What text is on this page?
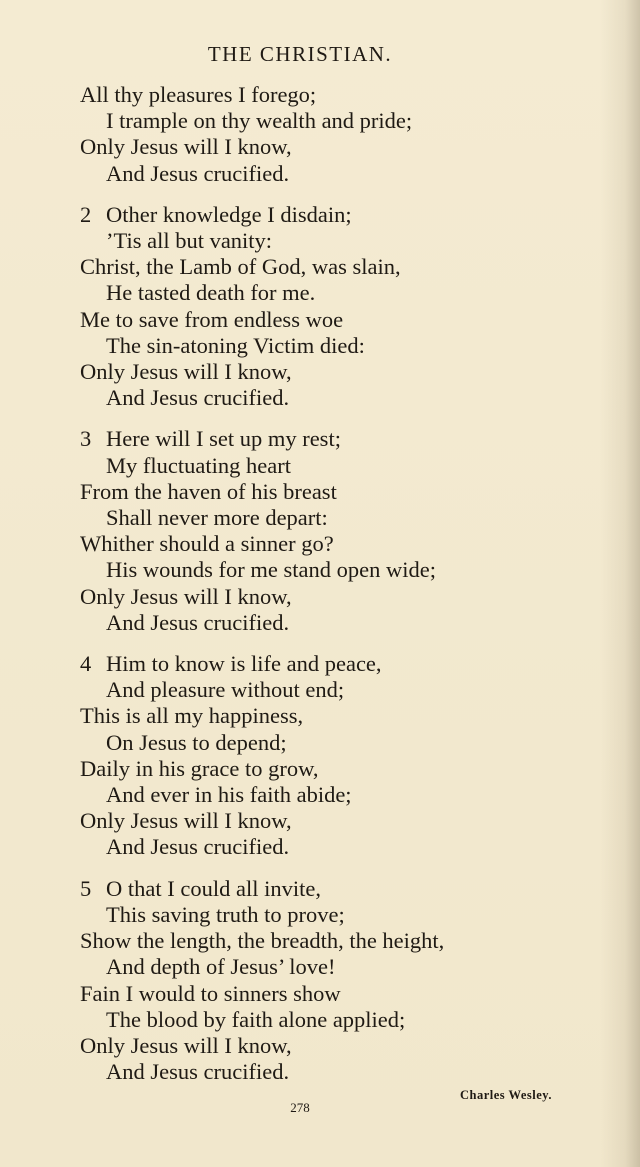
THE CHRISTIAN.
All thy pleasures I forego;
I trample on thy wealth and pride;
Only Jesus will I know,
And Jesus crucified.
2 Other knowledge I disdain;
’Tis all but vanity:
Christ, the Lamb of God, was slain,
He tasted death for me.
Me to save from endless woe
The sin-atoning Victim died:
Only Jesus will I know,
And Jesus crucified.
3 Here will I set up my rest;
My fluctuating heart
From the haven of his breast
Shall never more depart:
Whither should a sinner go?
His wounds for me stand open wide;
Only Jesus will I know,
And Jesus crucified.
4 Him to know is life and peace,
And pleasure without end;
This is all my happiness,
On Jesus to depend;
Daily in his grace to grow,
And ever in his faith abide;
Only Jesus will I know,
And Jesus crucified.
5 O that I could all invite,
This saving truth to prove;
Show the length, the breadth, the height,
And depth of Jesus’ love!
Fain I would to sinners show
The blood by faith alone applied;
Only Jesus will I know,
And Jesus crucified.
Charles Wesley.
278
